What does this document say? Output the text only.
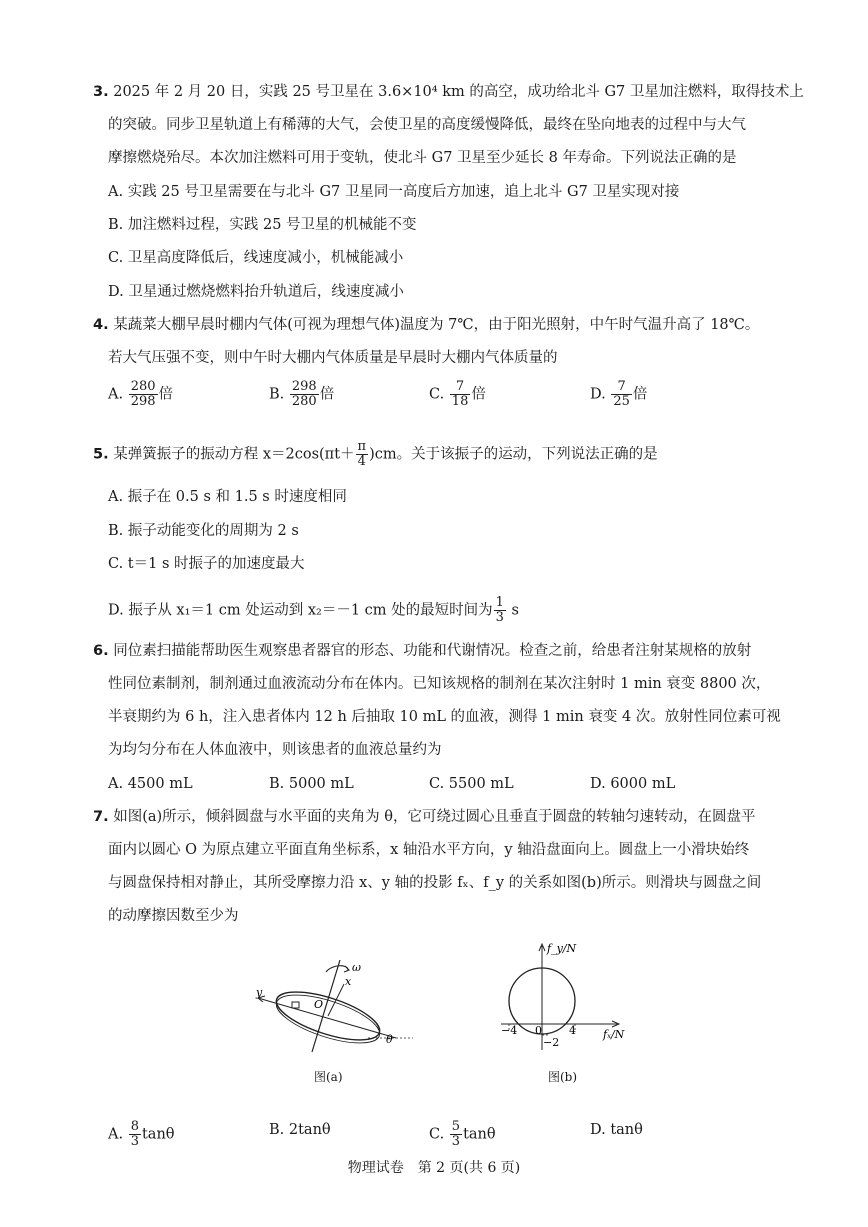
3. 2025 年 2 月 20 日，实践 25 号卫星在 3.6×10⁴ km 的高空，成功给北斗 G7 卫星加注燃料，取得技术上
的突破。同步卫星轨道上有稀薄的大气，会使卫星的高度缓慢降低，最终在坠向地表的过程中与大气
摩擦燃烧殆尽。本次加注燃料可用于变轨，使北斗 G7 卫星至少延长 8 年寿命。下列说法正确的是
A. 实践 25 号卫星需要在与北斗 G7 卫星同一高度后方加速，追上北斗 G7 卫星实现对接
B. 加注燃料过程，实践 25 号卫星的机械能不变
C. 卫星高度降低后，线速度减小，机械能减小
D. 卫星通过燃烧燃料抬升轨道后，线速度减小
4. 某蔬菜大棚早晨时棚内气体(可视为理想气体)温度为 7℃，由于阳光照射，中午时气温升高了 18℃。
若大气压强不变，则中午时大棚内气体质量是早晨时大棚内气体质量的
A. $\frac{280}{298}$ 倍	B. $\frac{298}{280}$ 倍	C. $\frac{7}{18}$ 倍	D. $\frac{7}{25}$ 倍
5. 某弹簧振子的振动方程 $x=2\cos(\pi t+ \frac{\pi}{4} )cm$。关于该振子的运动，下列说法正确的是
A. 振子在 0.5 s 和 1.5 s 时速度相同
B. 振子动能变化的周期为 2 s
C. t＝1 s 时振子的加速度最大
D. 振子从 x₁＝1 cm 处运动到 x₂＝－1 cm 处的最短时间为 $\frac{1}{3}$ s
6. 同位素扫描能帮助医生观察患者器官的形态、功能和代谢情况。检查之前，给患者注射某规格的放射
性同位素制剂，制剂通过血液流动分布在体内。已知该规格的制剂在某次注射时 1 min 衰变 8800 次，
半衰期约为 6 h，注入患者体内 12 h 后抽取 10 mL 的血液，测得 1 min 衰变 4 次。放射性同位素可视
为均匀分布在人体血液中，则该患者的血液总量约为
A. 4500 mL	B. 5000 mL	C. 5500 mL	D. 6000 mL
7. 如图(a)所示，倾斜圆盘与水平面的夹角为 θ，它可绕过圆心且垂直于圆盘的转轴匀速转动，在圆盘平
面内以圆心 O 为原点建立平面直角坐标系，x 轴沿水平方向，y 轴沿盘面向上。圆盘上一小滑块始终
与圆盘保持相对静止，其所受摩擦力沿 x、y 轴的投影 fₓ、f_y 的关系如图(b)所示。则滑块与圆盘之间
的动摩擦因数至少为
ω
y
x
O
θ
图(a)
f_y/N
fₓ/N
−4 0 4
−2
图(b)
A. $\frac{8}{3}$ tanθ	B. 2tanθ	C. $\frac{5}{3}$ tanθ	D. tanθ
物理试卷　第 2 页(共 6 页)
